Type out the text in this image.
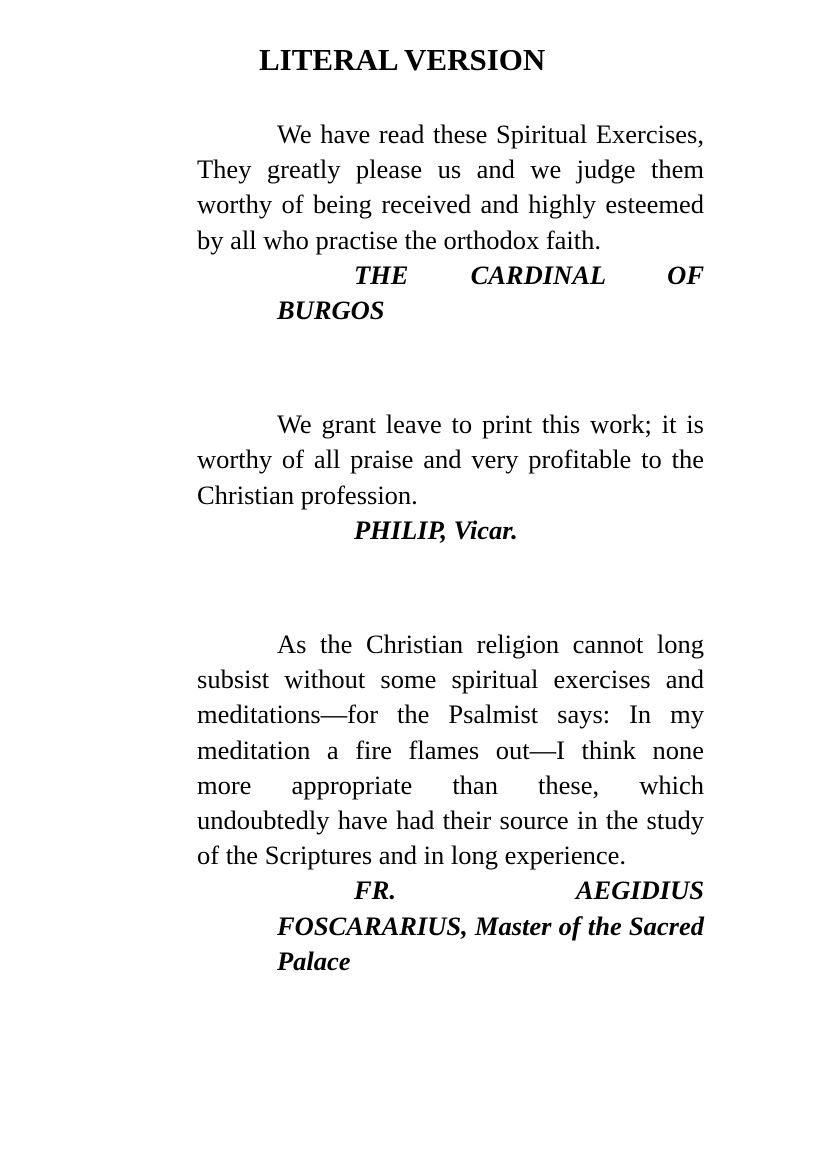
LITERAL VERSION

We have read these Spiritual Exercises, They greatly please us and we judge them worthy of being received and highly esteemed by all who practise the orthodox faith.

THE CARDINAL OF BURGOS

We grant leave to print this work; it is worthy of all praise and very profitable to the Christian profession.

PHILIP, Vicar.

As the Christian religion cannot long subsist without some spiritual exercises and meditations—for the Psalmist says: In my meditation a fire flames out—I think none more appropriate than these, which undoubtedly have had their source in the study of the Scriptures and in long experience.

FR. AEGIDIUS FOSCARARIUS, Master of the Sacred Palace
